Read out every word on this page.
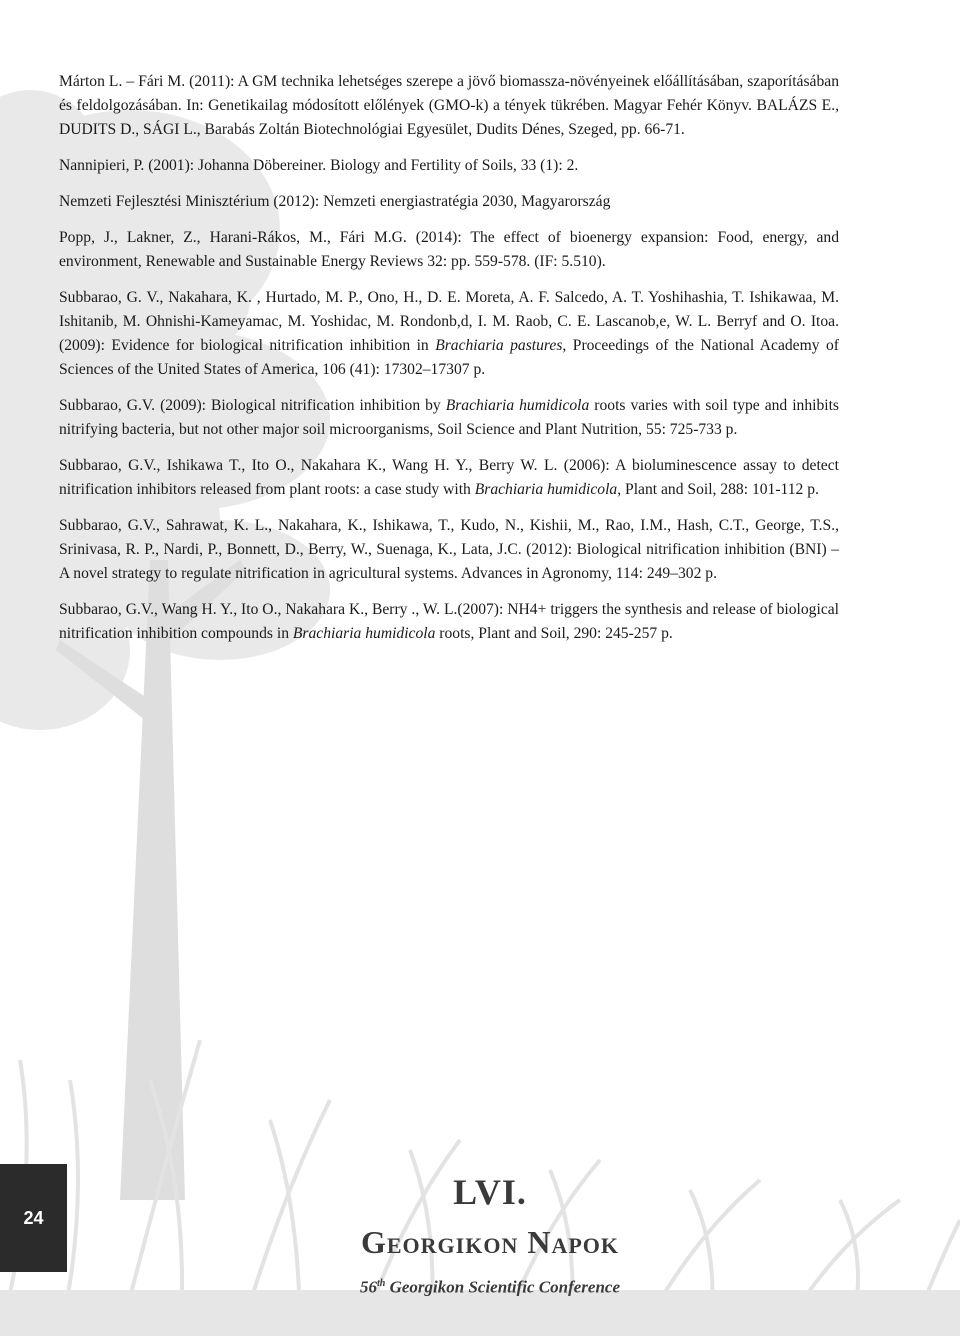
Márton L. – Fári M. (2011): A GM technika lehetséges szerepe a jövő biomassza-növényeinek előállításában, szaporításában és feldolgozásában. In: Genetikailag módosított előlények (GMO-k) a tények tükrében. Magyar Fehér Könyv. BALÁZS E., DUDITS D., SÁGI L., Barabás Zoltán Biotechnológiai Egyesület, Dudits Dénes, Szeged, pp. 66-71.

Nannipieri, P. (2001): Johanna Döbereiner. Biology and Fertility of Soils, 33 (1): 2.

Nemzeti Fejlesztési Minisztérium (2012): Nemzeti energiastratégia 2030, Magyarország

Popp, J., Lakner, Z., Harani-Rákos, M., Fári M.G. (2014): The effect of bioenergy expansion: Food, energy, and environment, Renewable and Sustainable Energy Reviews 32: pp. 559-578. (IF: 5.510).

Subbarao, G. V., Nakahara, K. , Hurtado, M. P., Ono, H., D. E. Moreta, A. F. Salcedo, A. T. Yoshihashia, T. Ishikawaa, M. Ishitanib, M. Ohnishi-Kameyamac, M. Yoshidac, M. Rondonb,d, I. M. Raob, C. E. Lascanob,e, W. L. Berryf and O. Itoa. (2009): Evidence for biological nitrification inhibition in Brachiaria pastures, Proceedings of the National Academy of Sciences of the United States of America, 106 (41): 17302–17307 p.

Subbarao, G.V. (2009): Biological nitrification inhibition by Brachiaria humidicola roots varies with soil type and inhibits nitrifying bacteria, but not other major soil microorganisms, Soil Science and Plant Nutrition, 55: 725-733 p.

Subbarao, G.V., Ishikawa T., Ito O., Nakahara K., Wang H. Y., Berry W. L. (2006): A bioluminescence assay to detect nitrification inhibitors released from plant roots: a case study with Brachiaria humidicola, Plant and Soil, 288: 101-112 p.

Subbarao, G.V., Sahrawat, K. L., Nakahara, K., Ishikawa, T., Kudo, N., Kishii, M., Rao, I.M., Hash, C.T., George, T.S., Srinivasa, R. P., Nardi, P., Bonnett, D., Berry, W., Suenaga, K., Lata, J.C. (2012): Biological nitrification inhibition (BNI) – A novel strategy to regulate nitrification in agricultural systems. Advances in Agronomy, 114: 249–302 p.

Subbarao, G.V., Wang H. Y., Ito O., Nakahara K., Berry ., W. L.(2007): NH4+ triggers the synthesis and release of biological nitrification inhibition compounds in Brachiaria humidicola roots, Plant and Soil, 290: 245-257 p.

24
LVI.
Georgikon Napok
56th Georgikon Scientific Conference
